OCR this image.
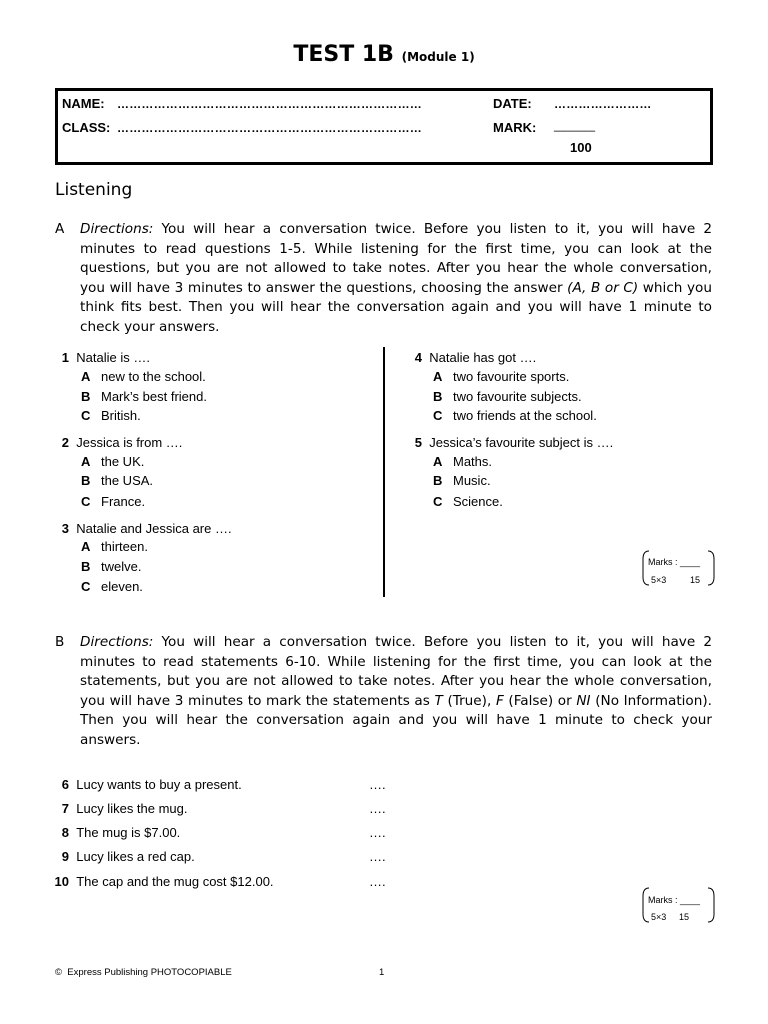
TEST 1B (Module 1)
NAME: …………………………………………………………………	DATE: ……………………
CLASS: …………………………………………………………………	MARK: ______
100
Listening
A Directions: You will hear a conversation twice. Before you listen to it, you will have 2 minutes to read questions 1-5. While listening for the first time, you can look at the questions, but you are not allowed to take notes. After you hear the whole conversation, you will have 3 minutes to answer the questions, choosing the answer (A, B or C) which you think fits best. Then you will hear the conversation again and you will have 1 minute to check your answers.
1 Natalie is ….
A new to the school.
B Mark’s best friend.
C British.
2 Jessica is from ….
A the UK.
B the USA.
C France.
3 Natalie and Jessica are ….
A thirteen.
B twelve.
C eleven.
4 Natalie has got ….
A two favourite sports.
B two favourite subjects.
C two friends at the school.
5 Jessica’s favourite subject is ….
A Maths.
B Music.
C Science.
Marks : ____
5×3	15
B Directions: You will hear a conversation twice. Before you listen to it, you will have 2 minutes to read statements 6-10. While listening for the first time, you can look at the statements, but you are not allowed to take notes. After you hear the whole conversation, you will have 3 minutes to mark the statements as T (True), F (False) or NI (No Information). Then you will hear the conversation again and you will have 1 minute to check your answers.
6 Lucy wants to buy a present.	….
7 Lucy likes the mug.	….
8 The mug is $7.00.	….
9 Lucy likes a red cap.	….
10 The cap and the mug cost $12.00.	….
Marks : ____
5×3 15
© Express Publishing PHOTOCOPIABLE	1
